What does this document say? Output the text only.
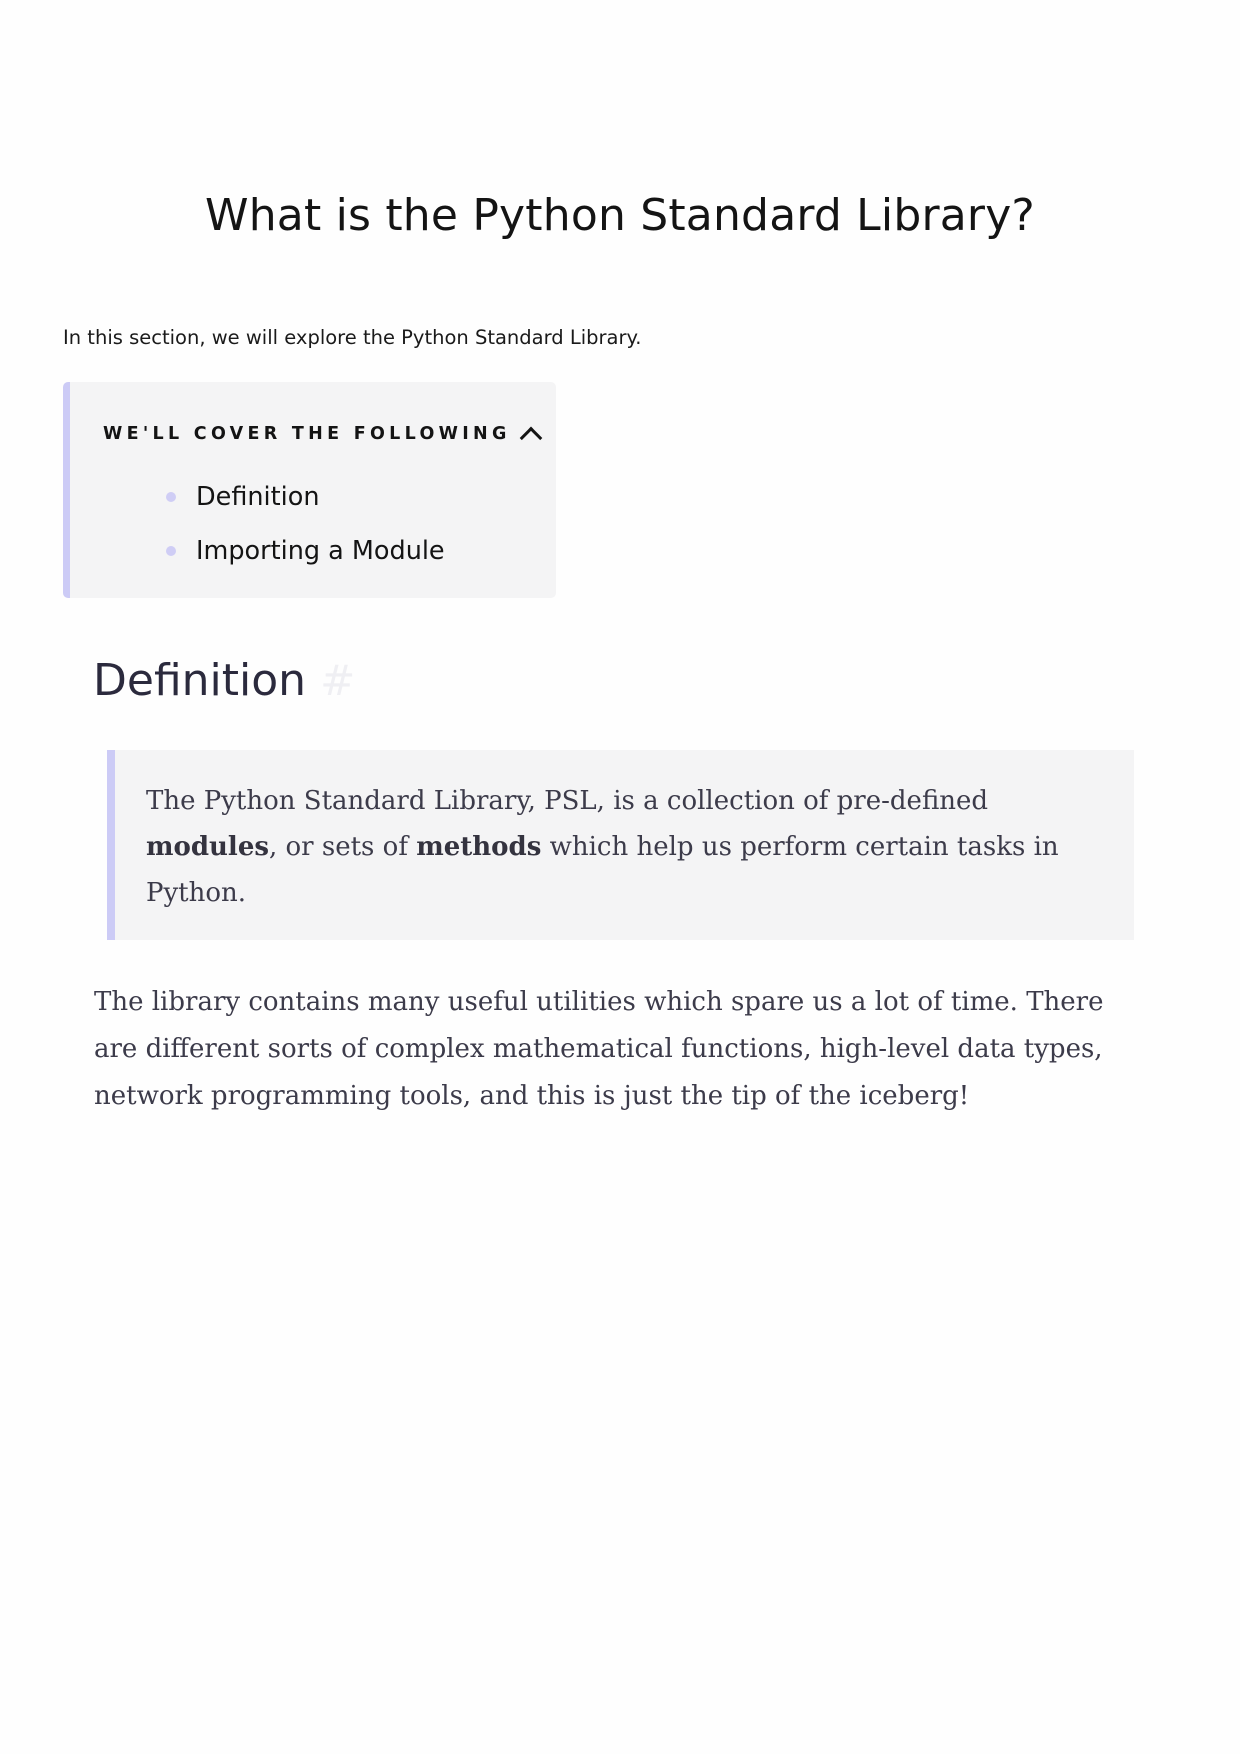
What is the Python Standard Library?

In this section, we will explore the Python Standard Library.

WE'LL COVER THE FOLLOWING
Definition
Importing a Module
Definition #

The Python Standard Library, PSL, is a collection of pre-defined modules, or sets of methods which help us perform certain tasks in Python.

The library contains many useful utilities which spare us a lot of time. There are different sorts of complex mathematical functions, high-level data types, network programming tools, and this is just the tip of the iceberg!
